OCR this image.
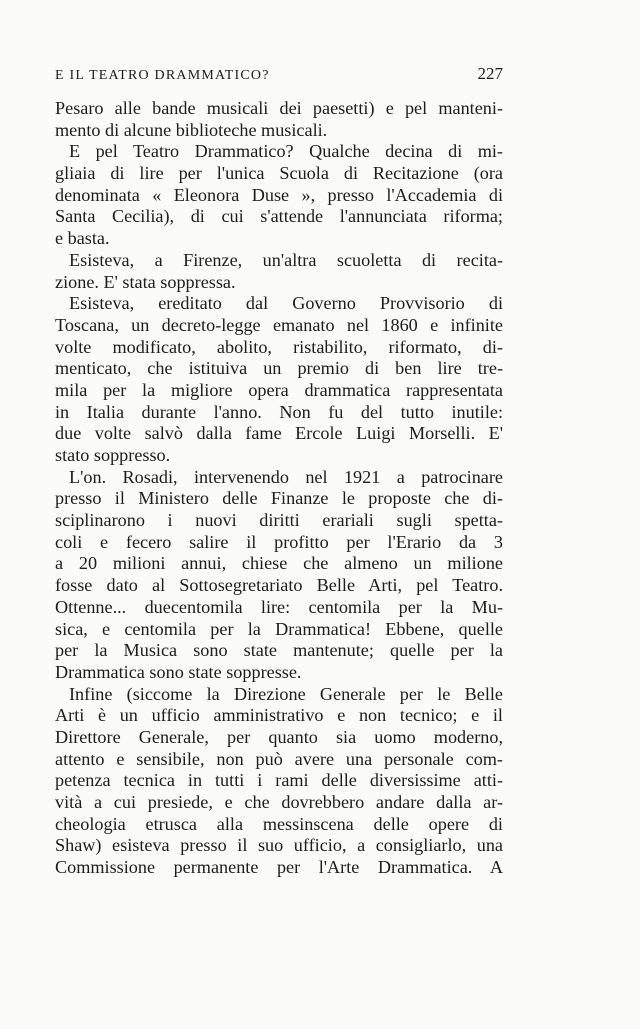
E IL TEATRO DRAMMATICO?	227
Pesaro alle bande musicali dei paesetti) e pel manteni-
mento di alcune biblioteche musicali.
E pel Teatro Drammatico? Qualche decina di mi-
gliaia di lire per l'unica Scuola di Recitazione (ora
denominata « Eleonora Duse », presso l'Accademia di
Santa Cecilia), di cui s'attende l'annunciata riforma;
e basta.
Esisteva, a Firenze, un'altra scuoletta di recita-
zione. E' stata soppressa.
Esisteva, ereditato dal Governo Provvisorio di
Toscana, un decreto-legge emanato nel 1860 e infinite
volte modificato, abolito, ristabilito, riformato, di-
menticato, che istituiva un premio di ben lire tre-
mila per la migliore opera drammatica rappresentata
in Italia durante l'anno. Non fu del tutto inutile:
due volte salvò dalla fame Ercole Luigi Morselli. E'
stato soppresso.
L'on. Rosadi, intervenendo nel 1921 a patrocinare
presso il Ministero delle Finanze le proposte che di-
sciplinarono i nuovi diritti erariali sugli spetta-
coli e fecero salire il profitto per l'Erario da 3
a 20 milioni annui, chiese che almeno un milione
fosse dato al Sottosegretariato Belle Arti, pel Teatro.
Ottenne... duecentomila lire: centomila per la Mu-
sica, e centomila per la Drammatica! Ebbene, quelle
per la Musica sono state mantenute; quelle per la
Drammatica sono state soppresse.
Infine (siccome la Direzione Generale per le Belle
Arti è un ufficio amministrativo e non tecnico; e il
Direttore Generale, per quanto sia uomo moderno,
attento e sensibile, non può avere una personale com-
petenza tecnica in tutti i rami delle diversissime atti-
vità a cui presiede, e che dovrebbero andare dalla ar-
cheologia etrusca alla messinscena delle opere di
Shaw) esisteva presso il suo ufficio, a consigliarlo, una
Commissione permanente per l'Arte Drammatica. A
